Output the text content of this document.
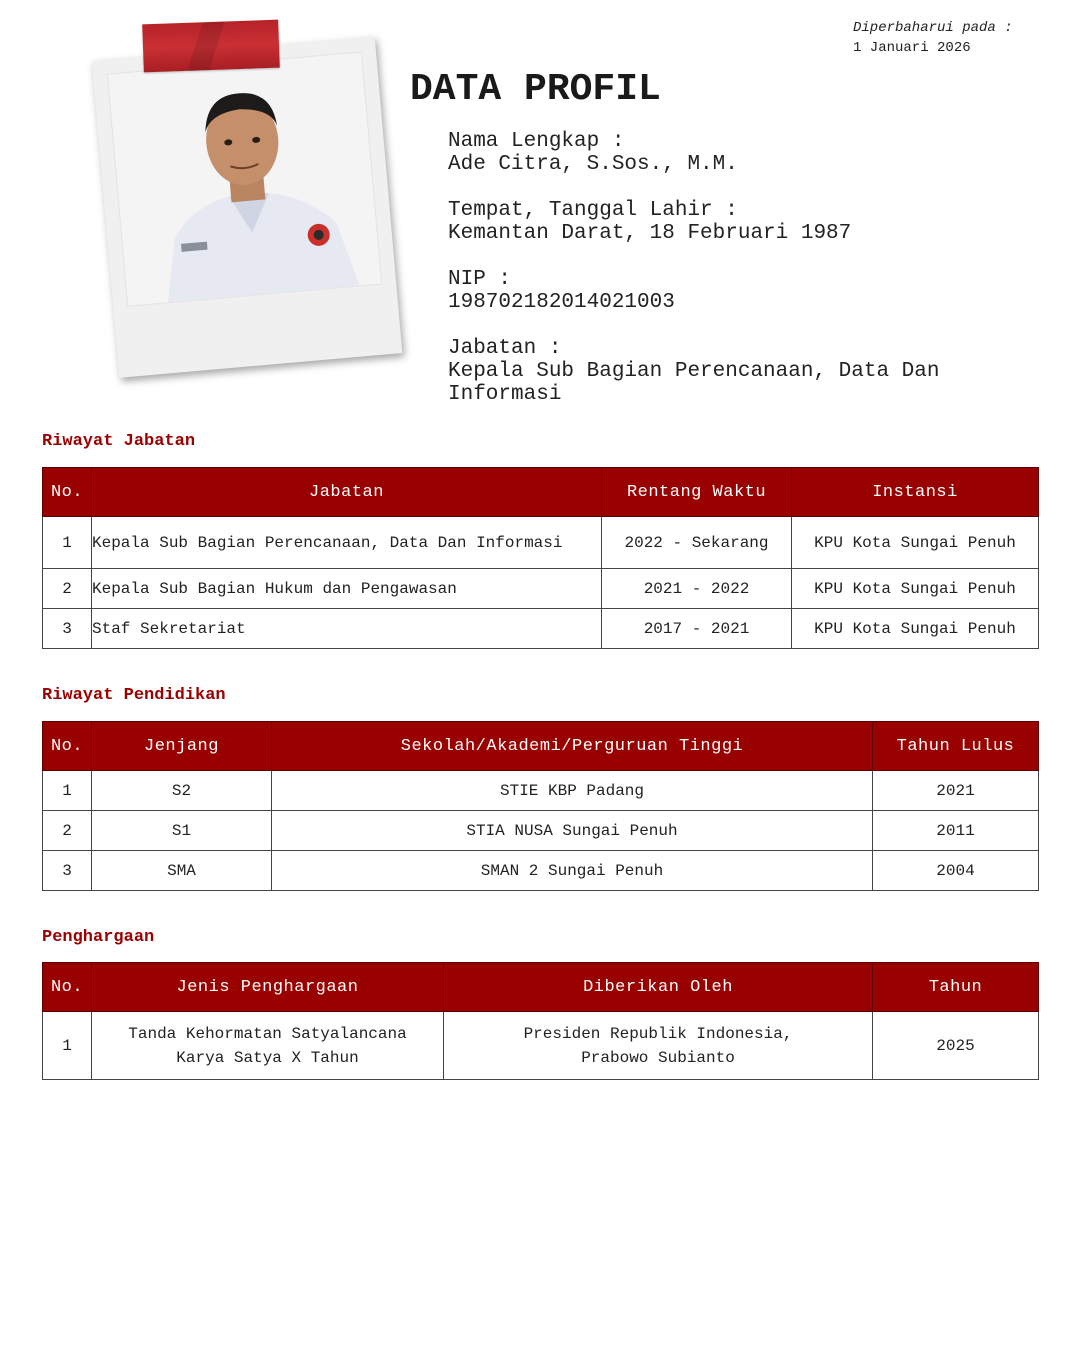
Diperbaharui pada :
1 Januari 2026
DATA PROFIL
Nama Lengkap :
Ade Citra, S.Sos., M.M.
Tempat, Tanggal Lahir :
Kemantan Darat, 18 Februari 1987
NIP :
198702182014021003
Jabatan :
Kepala Sub Bagian Perencanaan, Data Dan Informasi
Riwayat Jabatan
No.	Jabatan	Rentang Waktu	Instansi
1	Kepala Sub Bagian Perencanaan, Data Dan Informasi	2022 - Sekarang	KPU Kota Sungai Penuh
2	Kepala Sub Bagian Hukum dan Pengawasan	2021 - 2022	KPU Kota Sungai Penuh
3	Staf Sekretariat	2017 - 2021	KPU Kota Sungai Penuh
Riwayat Pendidikan
No.	Jenjang	Sekolah/Akademi/Perguruan Tinggi	Tahun Lulus
1	S2	STIE KBP Padang	2021
2	S1	STIA NUSA Sungai Penuh	2011
3	SMA	SMAN 2 Sungai Penuh	2004
Penghargaan
No.	Jenis Penghargaan	Diberikan Oleh	Tahun
1	Tanda Kehormatan Satyalancana Karya Satya X Tahun	Presiden Republik Indonesia, Prabowo Subianto	2025
